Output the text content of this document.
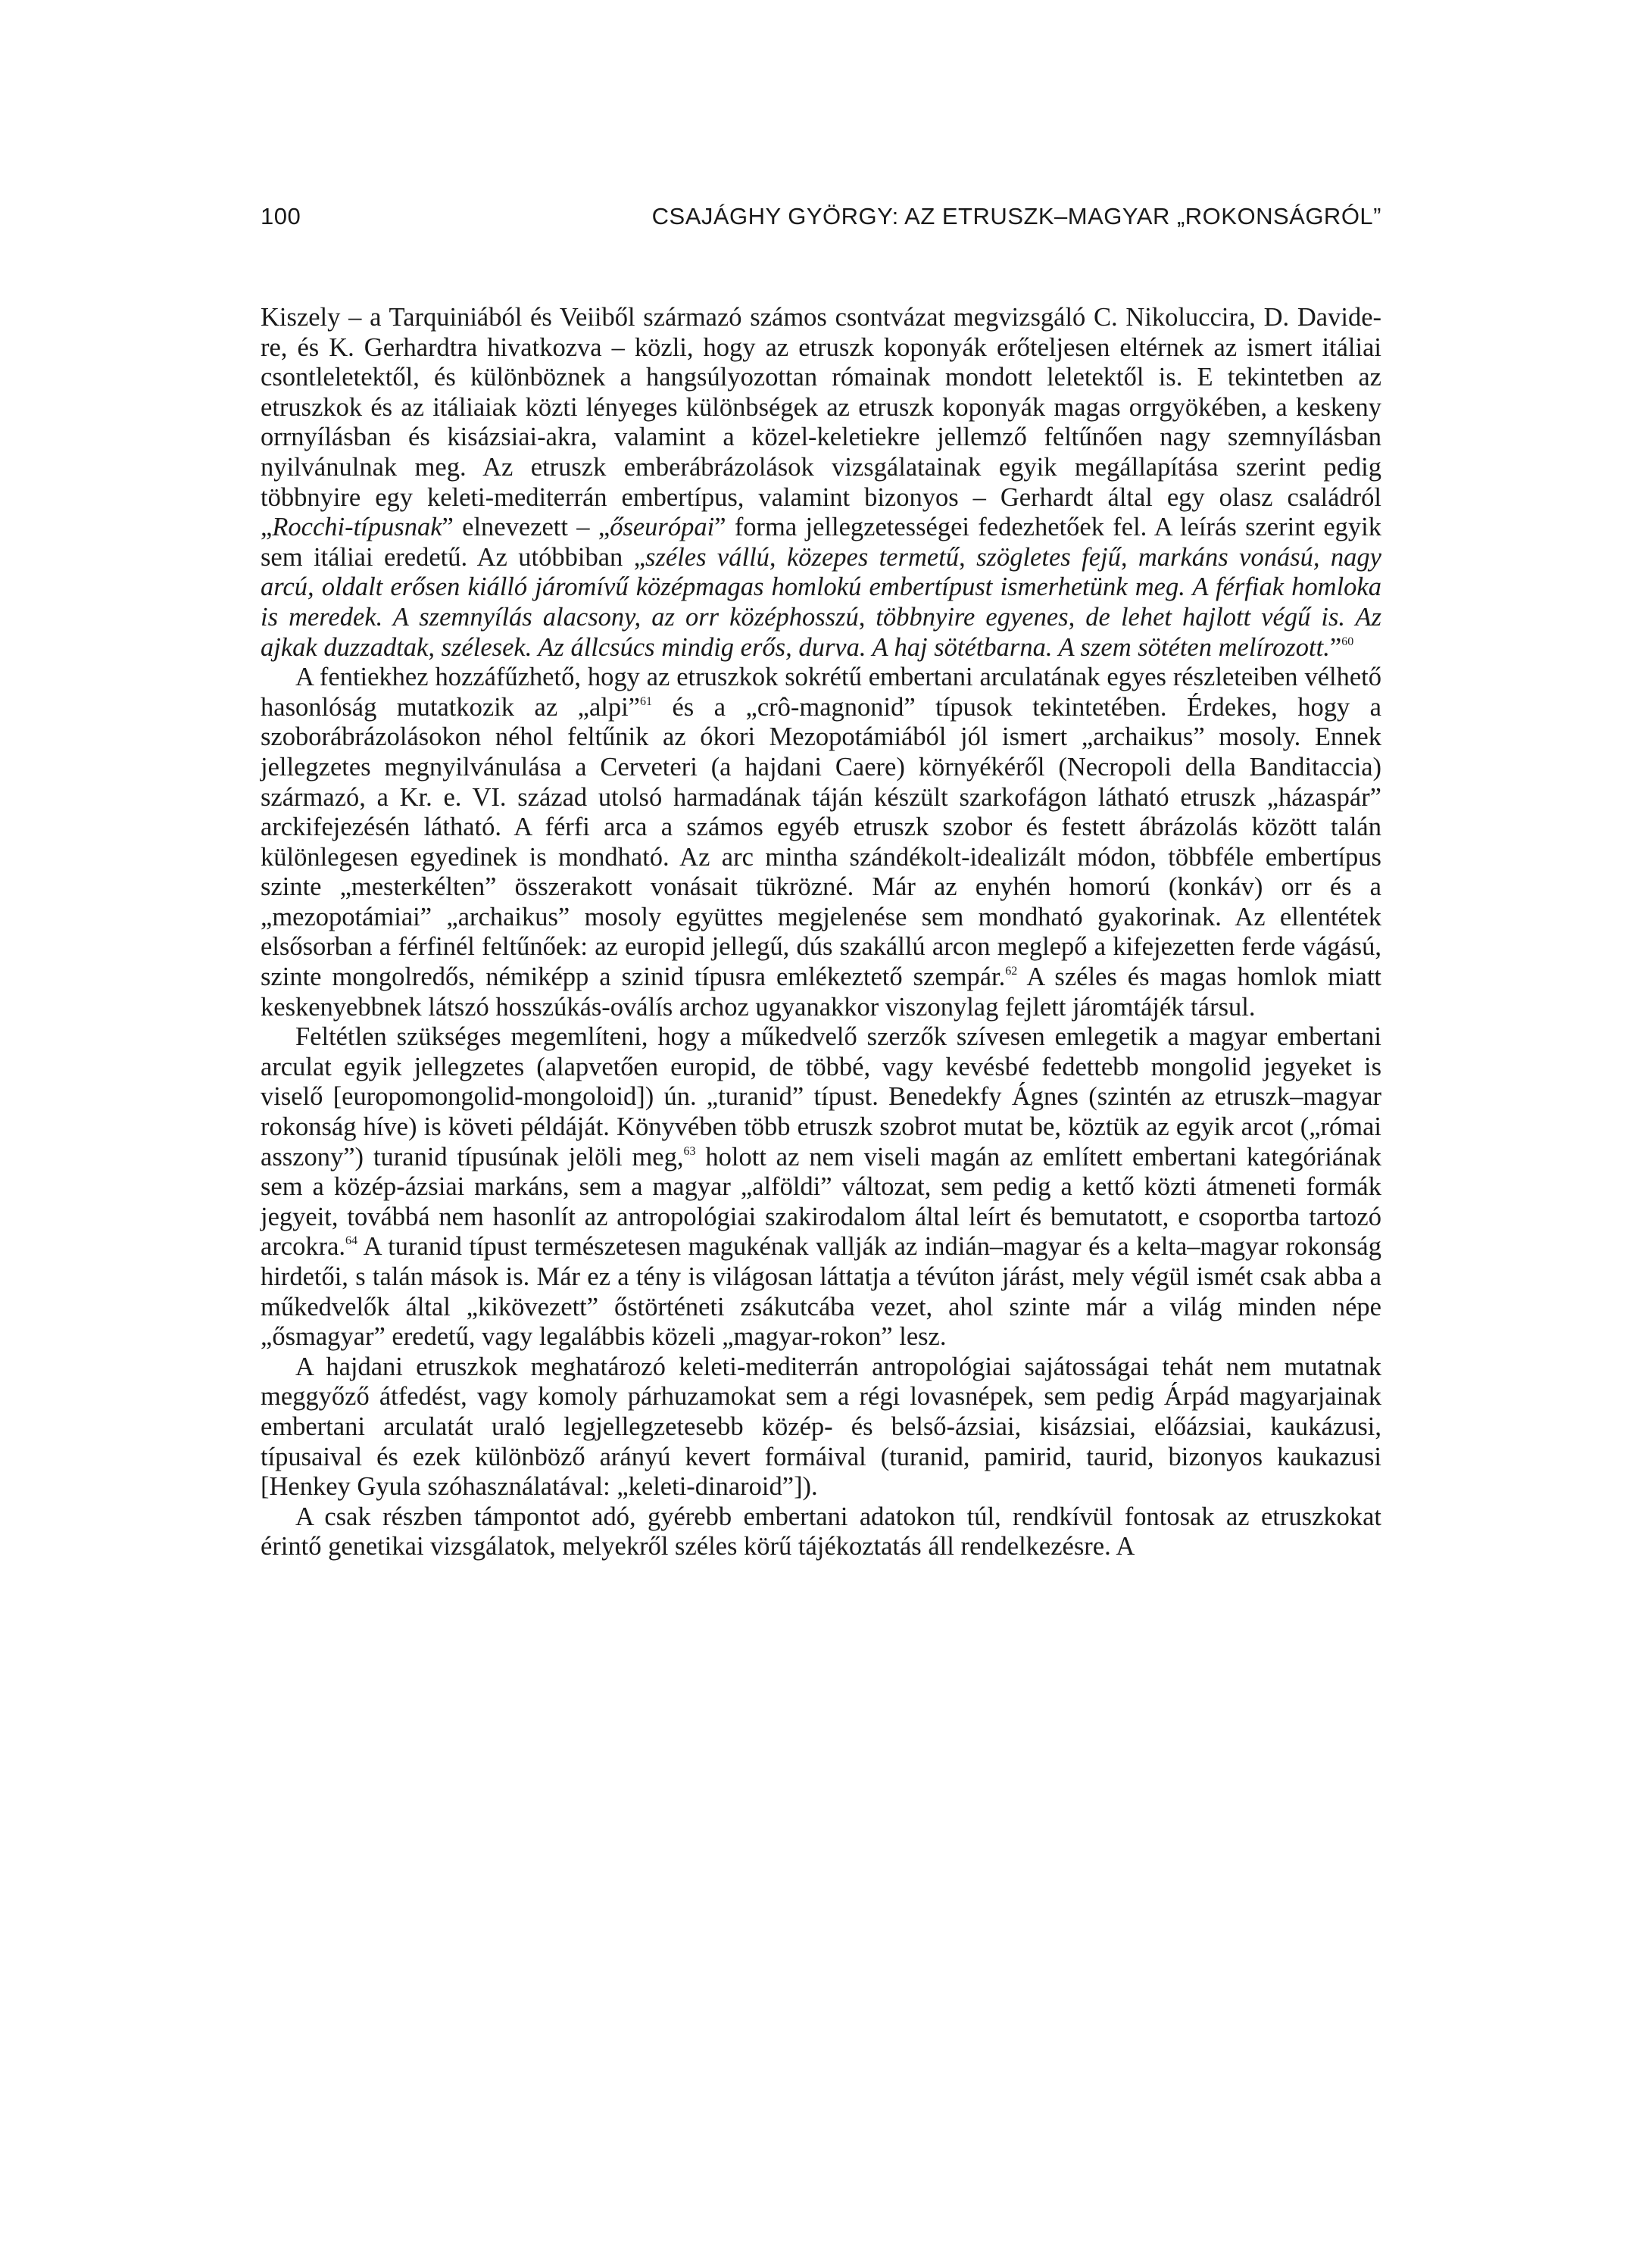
100	CSAJÁGHY GYÖRGY: AZ ETRUSZK–MAGYAR „ROKONSÁGRÓL”

Kiszely – a Tarquiniából és Veiiből származó számos csontvázat megvizsgáló C. Nikoluccira, D. Davide-re, és K. Gerhardtra hivatkozva – közli, hogy az etruszk koponyák erőteljesen eltérnek az ismert itáliai csontleletektől, és különböznek a hangsúlyozottan rómainak mondott leletektől is. E tekintetben az etruszkok és az itáliaiak közti lényeges különbségek az etruszk koponyák magas orrgyökében, a keskeny orrnyílásban és kisázsiai-akra, valamint a közel-keletiekre jellemző feltűnően nagy szemnyílásban nyilvánulnak meg. Az etruszk emberábrázolások vizsgálatainak egyik megállapítása szerint pedig többnyire egy keleti-mediterrán embertípus, valamint bizonyos – Gerhardt által egy olasz családról „Rocchi-típusnak” elnevezett – „őseurópai” forma jellegzetességei fedezhetőek fel. A leírás szerint egyik sem itáliai eredetű. Az utóbbiban „széles vállú, közepes termetű, szögletes fejű, markáns vonású, nagy arcú, oldalt erősen kiálló járomívű középmagas homlokú embertípust ismerhetünk meg. A férfiak homloka is meredek. A szemnyílás alacsony, az orr középhosszú, többnyire egyenes, de lehet hajlott végű is. Az ajkak duzzadtak, szélesek. Az állcsúcs mindig erős, durva. A haj sötétbarna. A szem sötéten melírozott.”$^{60}$

A fentiekhez hozzáfűzhető, hogy az etruszkok sokrétű embertani arculatának egyes részleteiben vélhető hasonlóság mutatkozik az „alpi”$^{61}$ és a „crô-magnonid” típusok tekintetében. Érdekes, hogy a szoborábrázolásokon néhol feltűnik az ókori Mezopotámiából jól ismert „archaikus” mosoly. Ennek jellegzetes megnyilvánulása a Cerveteri (a hajdani Caere) környékéről (Necropoli della Banditaccia) származó, a Kr. e. VI. század utolsó harmadának táján készült szarkofágon látható etruszk „házaspár” arckifejezésén látható. A férfi arca a számos egyéb etruszk szobor és festett ábrázolás között talán különlegesen egyedinek is mondható. Az arc mintha szándékolt-idealizált módon, többféle embertípus szinte „mesterkélten” összerakott vonásait tükrözné. Már az enyhén homorú (konkáv) orr és a „mezopotámiai” „archaikus” mosoly együttes megjelenése sem mondható gyakorinak. Az ellentétek elsősorban a férfinél feltűnőek: az europid jellegű, dús szakállú arcon meglepő a kifejezetten ferde vágású, szinte mongolredős, némiképp a szinid típusra emlékeztető szempár.$^{62}$ A széles és magas homlok miatt keskenyebbnek látszó hosszúkás-oválís archoz ugyanakkor viszonylag fejlett járomtájék társul.

Feltétlen szükséges megemlíteni, hogy a műkedvelő szerzők szívesen emlegetik a magyar embertani arculat egyik jellegzetes (alapvetően europid, de többé, vagy kevésbé fedettebb mongolid jegyeket is viselő [europomongolid-mongoloid]) ún. „turanid” típust. Benedekfy Ágnes (szintén az etruszk–magyar rokonság híve) is követi példáját. Könyvében több etruszk szobrot mutat be, köztük az egyik arcot („római asszony”) turanid típusúnak jelöli meg,$^{63}$ holott az nem viseli magán az említett embertani kategóriának sem a közép-ázsiai markáns, sem a magyar „alföldi” változat, sem pedig a kettő közti átmeneti formák jegyeit, továbbá nem hasonlít az antropológiai szakirodalom által leírt és bemutatott, e csoportba tartozó arcokra.$^{64}$ A turanid típust természetesen magukénak vallják az indián–magyar és a kelta–magyar rokonság hirdetői, s talán mások is. Már ez a tény is világosan láttatja a tévúton járást, mely végül ismét csak abba a műkedvelők által „kikövezett” őstörténeti zsákutcába vezet, ahol szinte már a világ minden népe „ősmagyar” eredetű, vagy legalábbis közeli „magyar-rokon” lesz.

A hajdani etruszkok meghatározó keleti-mediterrán antropológiai sajátosságai tehát nem mutatnak meggyőző átfedést, vagy komoly párhuzamokat sem a régi lovasnépek, sem pedig Árpád magyarjainak embertani arculatát uraló legjellegzetesebb közép- és belső-ázsiai, kisázsiai, előázsiai, kaukázusi, típusaival és ezek különböző arányú kevert formáival (turanid, pamirid, taurid, bizonyos kaukazusi [Henkey Gyula szóhasználatával: „keleti-dinaroid”]).

A csak részben támpontot adó, gyérebb embertani adatokon túl, rendkívül fontosak az etruszkokat érintő genetikai vizsgálatok, melyekről széles körű tájékoztatás áll rendelkezésre. A
